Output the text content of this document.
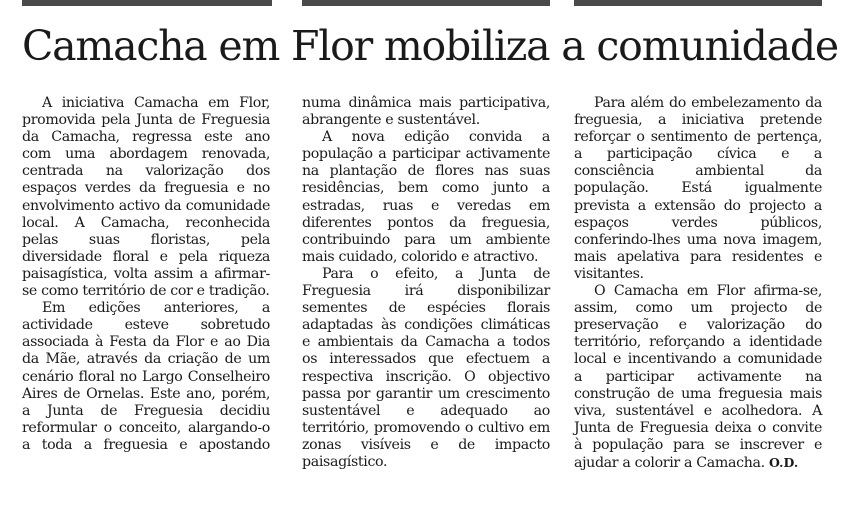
Camacha em Flor mobiliza a comunidade

A iniciativa Camacha em Flor, promovida pela Junta de Freguesia da Camacha, regressa este ano com uma abordagem renovada, centrada na valorização dos espaços verdes da freguesia e no envolvimento activo da comunidade local. A Camacha, reconhecida pelas suas floristas, pela diversidade floral e pela riqueza paisagística, volta assim a afirmar-se como território de cor e tradição.

Em edições anteriores, a actividade esteve sobretudo associada à Festa da Flor e ao Dia da Mãe, através da criação de um cenário floral no Largo Conselheiro Aires de Ornelas. Este ano, porém, a Junta de Freguesia decidiu reformular o conceito, alargando-o a toda a freguesia e apostando

numa dinâmica mais participativa, abrangente e sustentável.

A nova edição convida a população a participar activamente na plantação de flores nas suas residências, bem como junto a estradas, ruas e veredas em diferentes pontos da freguesia, contribuindo para um ambiente mais cuidado, colorido e atractivo.

Para o efeito, a Junta de Freguesia irá disponibilizar sementes de espécies florais adaptadas às condições climáticas e ambientais da Camacha a todos os interessados que efectuem a respectiva inscrição. O objectivo passa por garantir um crescimento sustentável e adequado ao território, promovendo o cultivo em zonas visíveis e de impacto paisagístico.

Para além do embelezamento da freguesia, a iniciativa pretende reforçar o sentimento de pertença, a participação cívica e a consciência ambiental da população. Está igualmente prevista a extensão do projecto a espaços verdes públicos, conferindo-lhes uma nova imagem, mais apelativa para residentes e visitantes.

O Camacha em Flor afirma-se, assim, como um projecto de preservação e valorização do território, reforçando a identidade local e incentivando a comunidade a participar activamente na construção de uma freguesia mais viva, sustentável e acolhedora. A Junta de Freguesia deixa o convite à população para se inscrever e ajudar a colorir a Camacha. O.D.
